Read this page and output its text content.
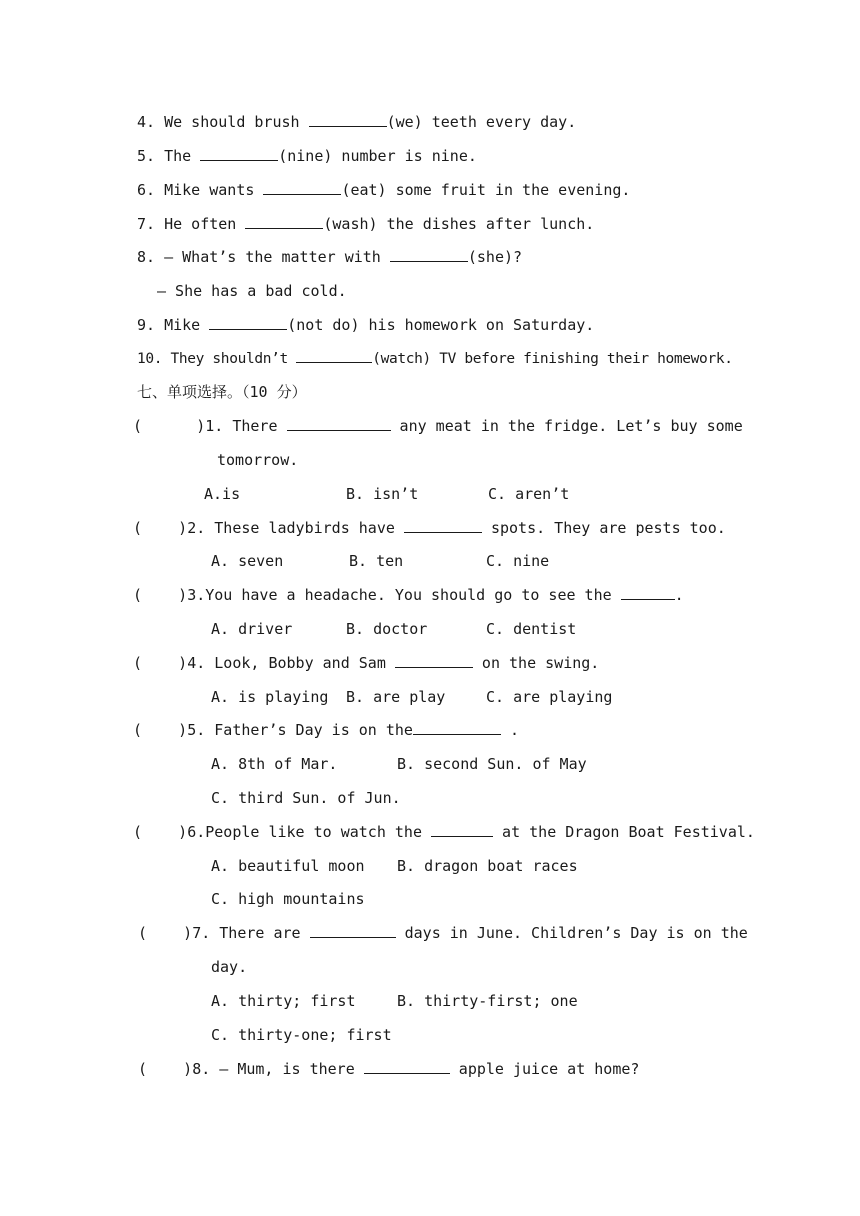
4. We should brush	(we) teeth every day.
5. The	(nine) number is nine.
6. Mike wants	(eat) some fruit in the evening.
7. He often	(wash) the dishes after lunch.
8. — What’s the matter with	(she)?
— She has a bad cold.
9. Mike	(not do) his homework on Saturday.
10. They shouldn’t	(watch) TV before finishing their homework.
七、单项选择。（10 分）
(	)1. There	any meat in the fridge. Let’s buy some
tomorrow.
A.is	B. isn’t	C. aren’t
( )2. These ladybirds have	spots. They are pests too.
A. seven	B. ten	C. nine
( )3.You have a headache. You should go to see the	.
A. driver	B. doctor	C. dentist
( )4. Look, Bobby and Sam	on the swing.
A. is playing B. are play	C. are playing
( )5. Father’s Day is on the	.
A. 8th of Mar.	B. second Sun. of May
C. third Sun. of Jun.
( )6.People like to watch the	at the Dragon Boat Festival.
A. beautiful moon B. dragon boat races
C. high mountains
( )7. There are	days in June. Children’s Day is on the
day.
A. thirty; first	B. thirty-first; one
C. thirty-one; first
( )8. — Mum, is there	apple juice at home?
